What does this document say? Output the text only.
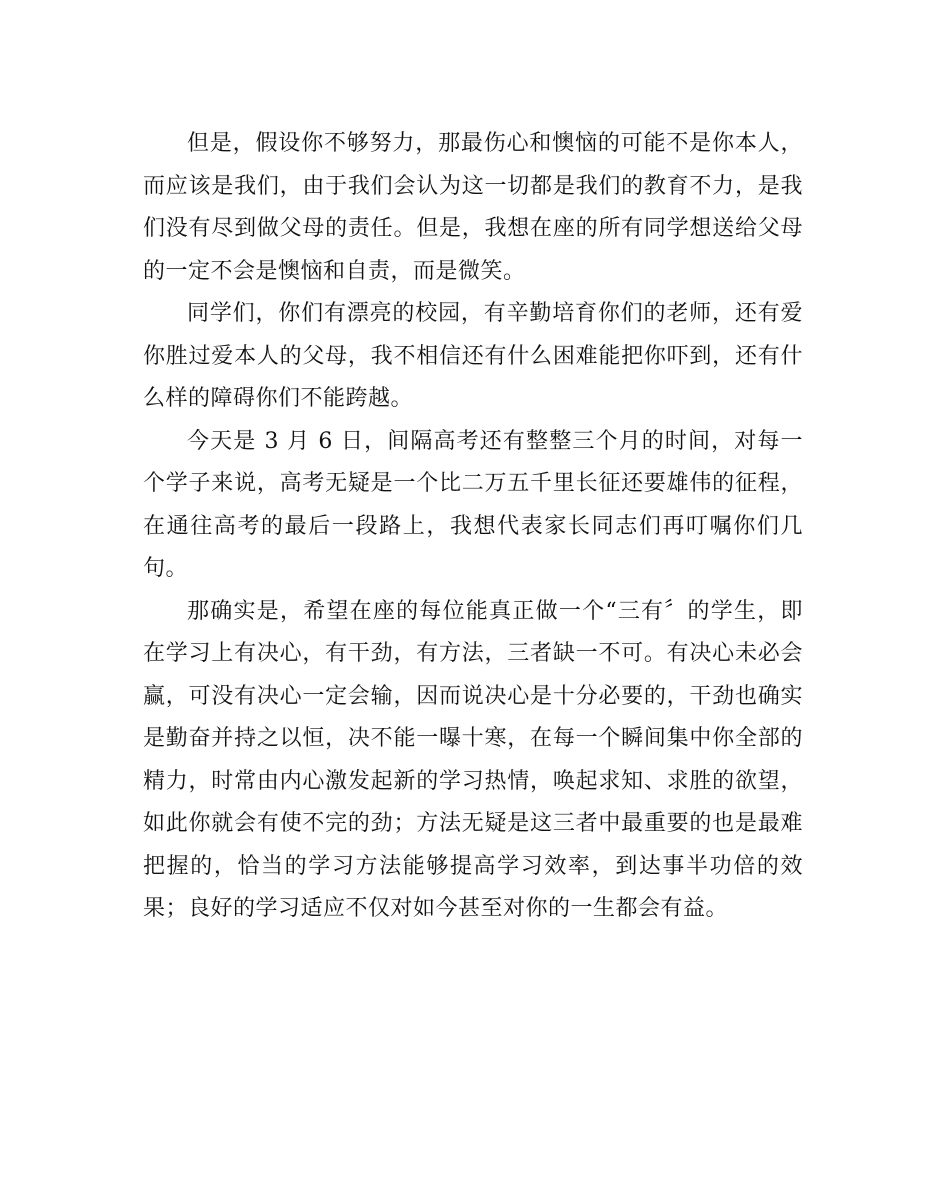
但是，假设你不够努力，那最伤心和懊恼的可能不是你本人，而应该是我们，由于我们会认为这一切都是我们的教育不力，是我们没有尽到做父母的责任。但是，我想在座的所有同学想送给父母的一定不会是懊恼和自责，而是微笑。

同学们，你们有漂亮的校园，有辛勤培育你们的老师，还有爱你胜过爱本人的父母，我不相信还有什么困难能把你吓到，还有什么样的障碍你们不能跨越。

今天是 3 月 6 日，间隔高考还有整整三个月的时间，对每一个学子来说，高考无疑是一个比二万五千里长征还要雄伟的征程，在通往高考的最后一段路上，我想代表家长同志们再叮嘱你们几句。

那确实是，希望在座的每位能真正做一个“三有〞的学生，即在学习上有决心，有干劲，有方法，三者缺一不可。有决心未必会赢，可没有决心一定会输，因而说决心是十分必要的，干劲也确实是勤奋并持之以恒，决不能一曝十寒，在每一个瞬间集中你全部的精力，时常由内心激发起新的学习热情，唤起求知、求胜的欲望，如此你就会有使不完的劲；方法无疑是这三者中最重要的也是最难把握的，恰当的学习方法能够提高学习效率，到达事半功倍的效果；良好的学习适应不仅对如今甚至对你的一生都会有益。
